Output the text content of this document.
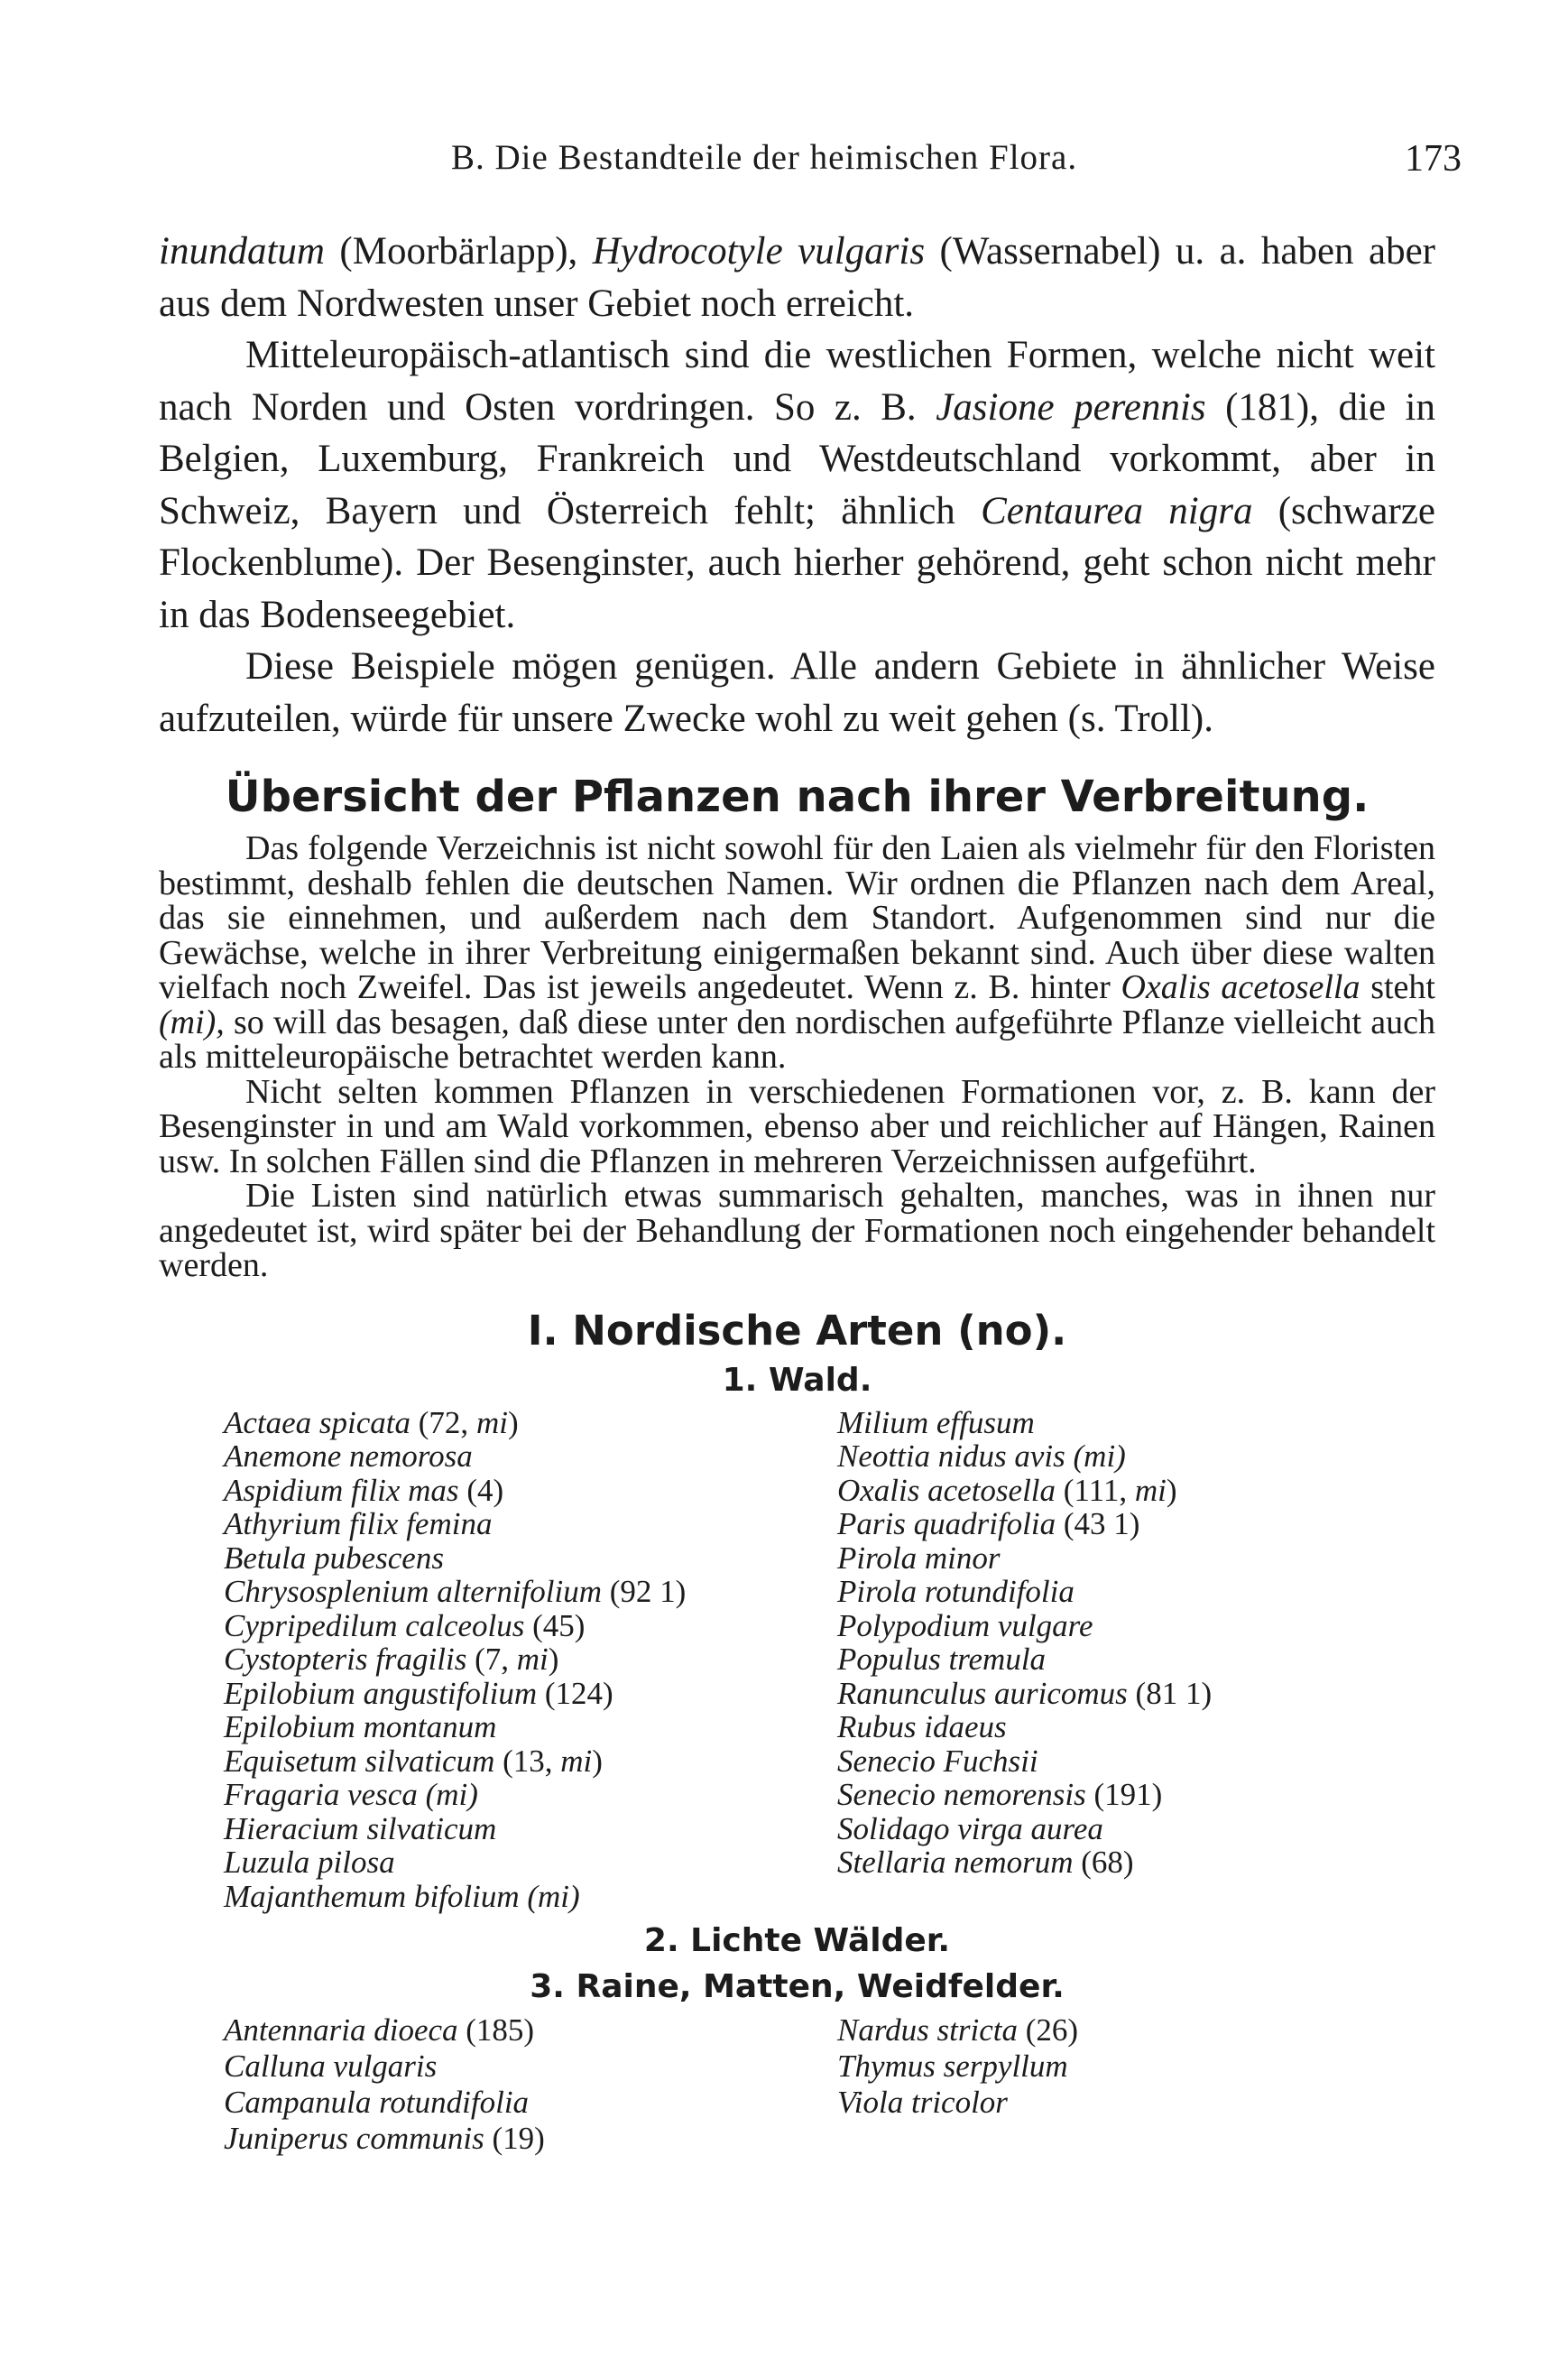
B. Die Bestandteile der heimischen Flora.	173

inundatum (Moorbärlapp), Hydrocotyle vulgaris (Wassernabel) u. a. haben aber aus dem Nordwesten unser Gebiet noch erreicht.

Mitteleuropäisch-atlantisch sind die westlichen Formen, welche nicht weit nach Norden und Osten vordringen. So z. B. Jasione perennis (181), die in Belgien, Luxemburg, Frankreich und Westdeutschland vorkommt, aber in Schweiz, Bayern und Österreich fehlt; ähnlich Centaurea nigra (schwarze Flockenblume). Der Besenginster, auch hierher gehörend, geht schon nicht mehr in das Bodenseegebiet.

Diese Beispiele mögen genügen. Alle andern Gebiete in ähnlicher Weise aufzuteilen, würde für unsere Zwecke wohl zu weit gehen (s. Troll).

Übersicht der Pflanzen nach ihrer Verbreitung.

Das folgende Verzeichnis ist nicht sowohl für den Laien als vielmehr für den Floristen bestimmt, deshalb fehlen die deutschen Namen. Wir ordnen die Pflanzen nach dem Areal, das sie einnehmen, und außerdem nach dem Standort. Aufgenommen sind nur die Gewächse, welche in ihrer Verbreitung einigermaßen bekannt sind. Auch über diese walten vielfach noch Zweifel. Das ist jeweils angedeutet. Wenn z. B. hinter Oxalis acetosella steht (mi), so will das besagen, daß diese unter den nordischen aufgeführte Pflanze vielleicht auch als mitteleuropäische betrachtet werden kann.

Nicht selten kommen Pflanzen in verschiedenen Formationen vor, z. B. kann der Besenginster in und am Wald vorkommen, ebenso aber und reichlicher auf Hängen, Rainen usw. In solchen Fällen sind die Pflanzen in mehreren Verzeichnissen aufgeführt.

Die Listen sind natürlich etwas summarisch gehalten, manches, was in ihnen nur angedeutet ist, wird später bei der Behandlung der Formationen noch eingehender behandelt werden.

I. Nordische Arten (no).
1. Wald.
Actaea spicata (72, mi)
Anemone nemorosa
Aspidium filix mas (4)
Athyrium filix femina
Betula pubescens
Chrysosplenium alternifolium (92 1)
Cypripedilum calceolus (45)
Cystopteris fragilis (7, mi)
Epilobium angustifolium (124)
Epilobium montanum
Equisetum silvaticum (13, mi)
Fragaria vesca (mi)
Hieracium silvaticum
Luzula pilosa
Majanthemum bifolium (mi)
Milium effusum
Neottia nidus avis (mi)
Oxalis acetosella (111, mi)
Paris quadrifolia (43 1)
Pirola minor
Pirola rotundifolia
Polypodium vulgare
Populus tremula
Ranunculus auricomus (81 1)
Rubus idaeus
Senecio Fuchsii
Senecio nemorensis (191)
Solidago virga aurea
Stellaria nemorum (68)
2. Lichte Wälder.
3. Raine, Matten, Weidfelder.
Antennaria dioeca (185)
Calluna vulgaris
Campanula rotundifolia
Juniperus communis (19)
Nardus stricta (26)
Thymus serpyllum
Viola tricolor
